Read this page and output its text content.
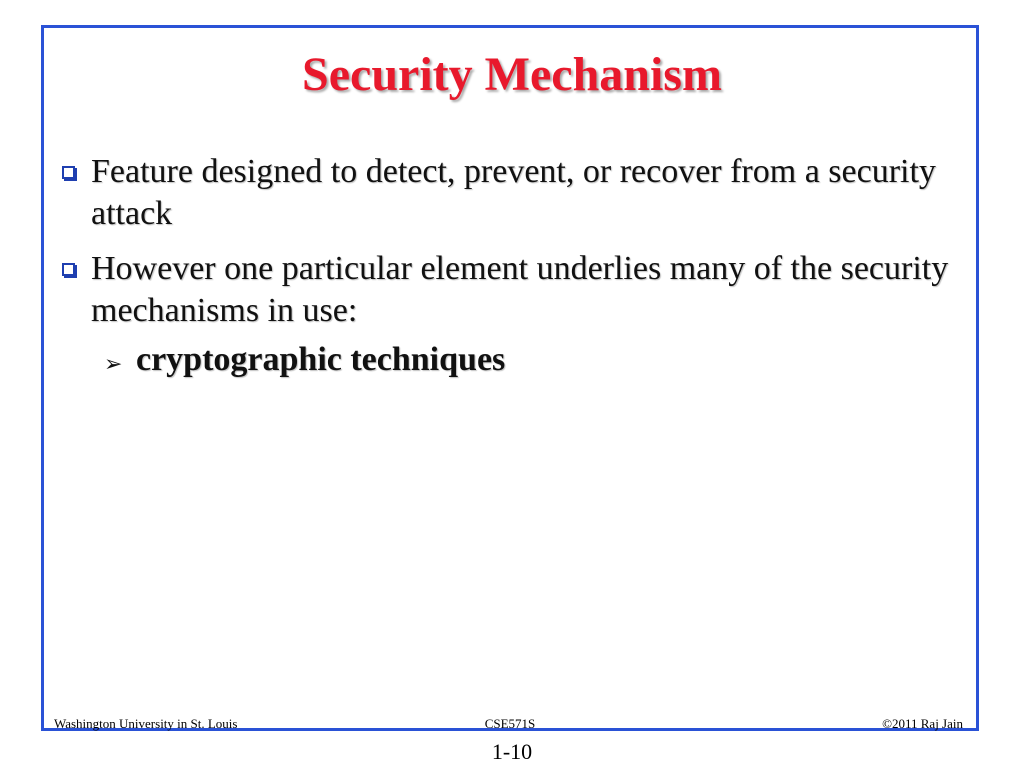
Security Mechanism
Feature designed to detect, prevent, or recover from a security attack
However one particular element underlies many of the security mechanisms in use:
➢ cryptographic techniques
Washington University in St. Louis	CSE571S	©2011 Raj Jain
1-10
